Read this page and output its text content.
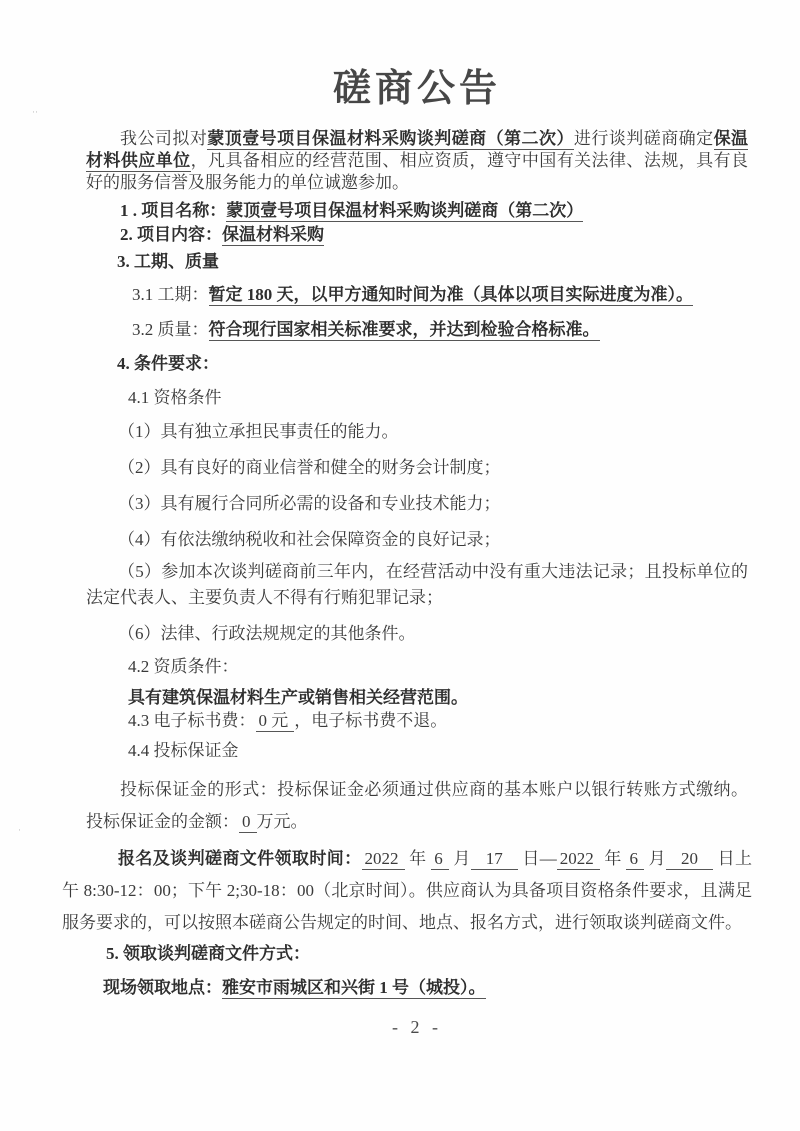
··
·
磋商公告

我公司拟对蒙顶壹号项目保温材料采购谈判磋商（第二次）进行谈判磋商确定保温材料供应单位，凡具备相应的经营范围、相应资质，遵守中国有关法律、法规，具有良好的服务信誉及服务能力的单位诚邀参加。

1 . 项目名称：蒙顶壹号项目保温材料采购谈判磋商（第二次）

2. 项目内容：保温材料采购

3. 工期、质量

3.1 工期：暂定 180 天，以甲方通知时间为准（具体以项目实际进度为准）。

3.2 质量：符合现行国家相关标准要求，并达到检验合格标准。

4. 条件要求：

4.1 资格条件

（1）具有独立承担民事责任的能力。

（2）具有良好的商业信誉和健全的财务会计制度；

（3）具有履行合同所必需的设备和专业技术能力；

（4）有依法缴纳税收和社会保障资金的良好记录；

（5）参加本次谈判磋商前三年内，在经营活动中没有重大违法记录；且投标单位的法定代表人、主要负责人不得有行贿犯罪记录；

（6）法律、行政法规规定的其他条件。

4.2 资质条件：

具有建筑保温材料生产或销售相关经营范围。

4.3 电子标书费： 0 元 ，电子标书费不退。

4.4 投标保证金

投标保证金的形式：投标保证金必须通过供应商的基本账户以银行转账方式缴纳。投标保证金的金额： 0 万元。

报名及谈判磋商文件领取时间： 2022 年 6 月 17 日— 2022 年 6 月 20 日上午 8:30-12：00；下午 2;30-18：00（北京时间）。供应商认为具备项目资格条件要求，且满足服务要求的，可以按照本磋商公告规定的时间、地点、报名方式，进行领取谈判磋商文件。

5. 领取谈判磋商文件方式：

现场领取地点：雅安市雨城区和兴街 1 号（城投）。

- 2 -
